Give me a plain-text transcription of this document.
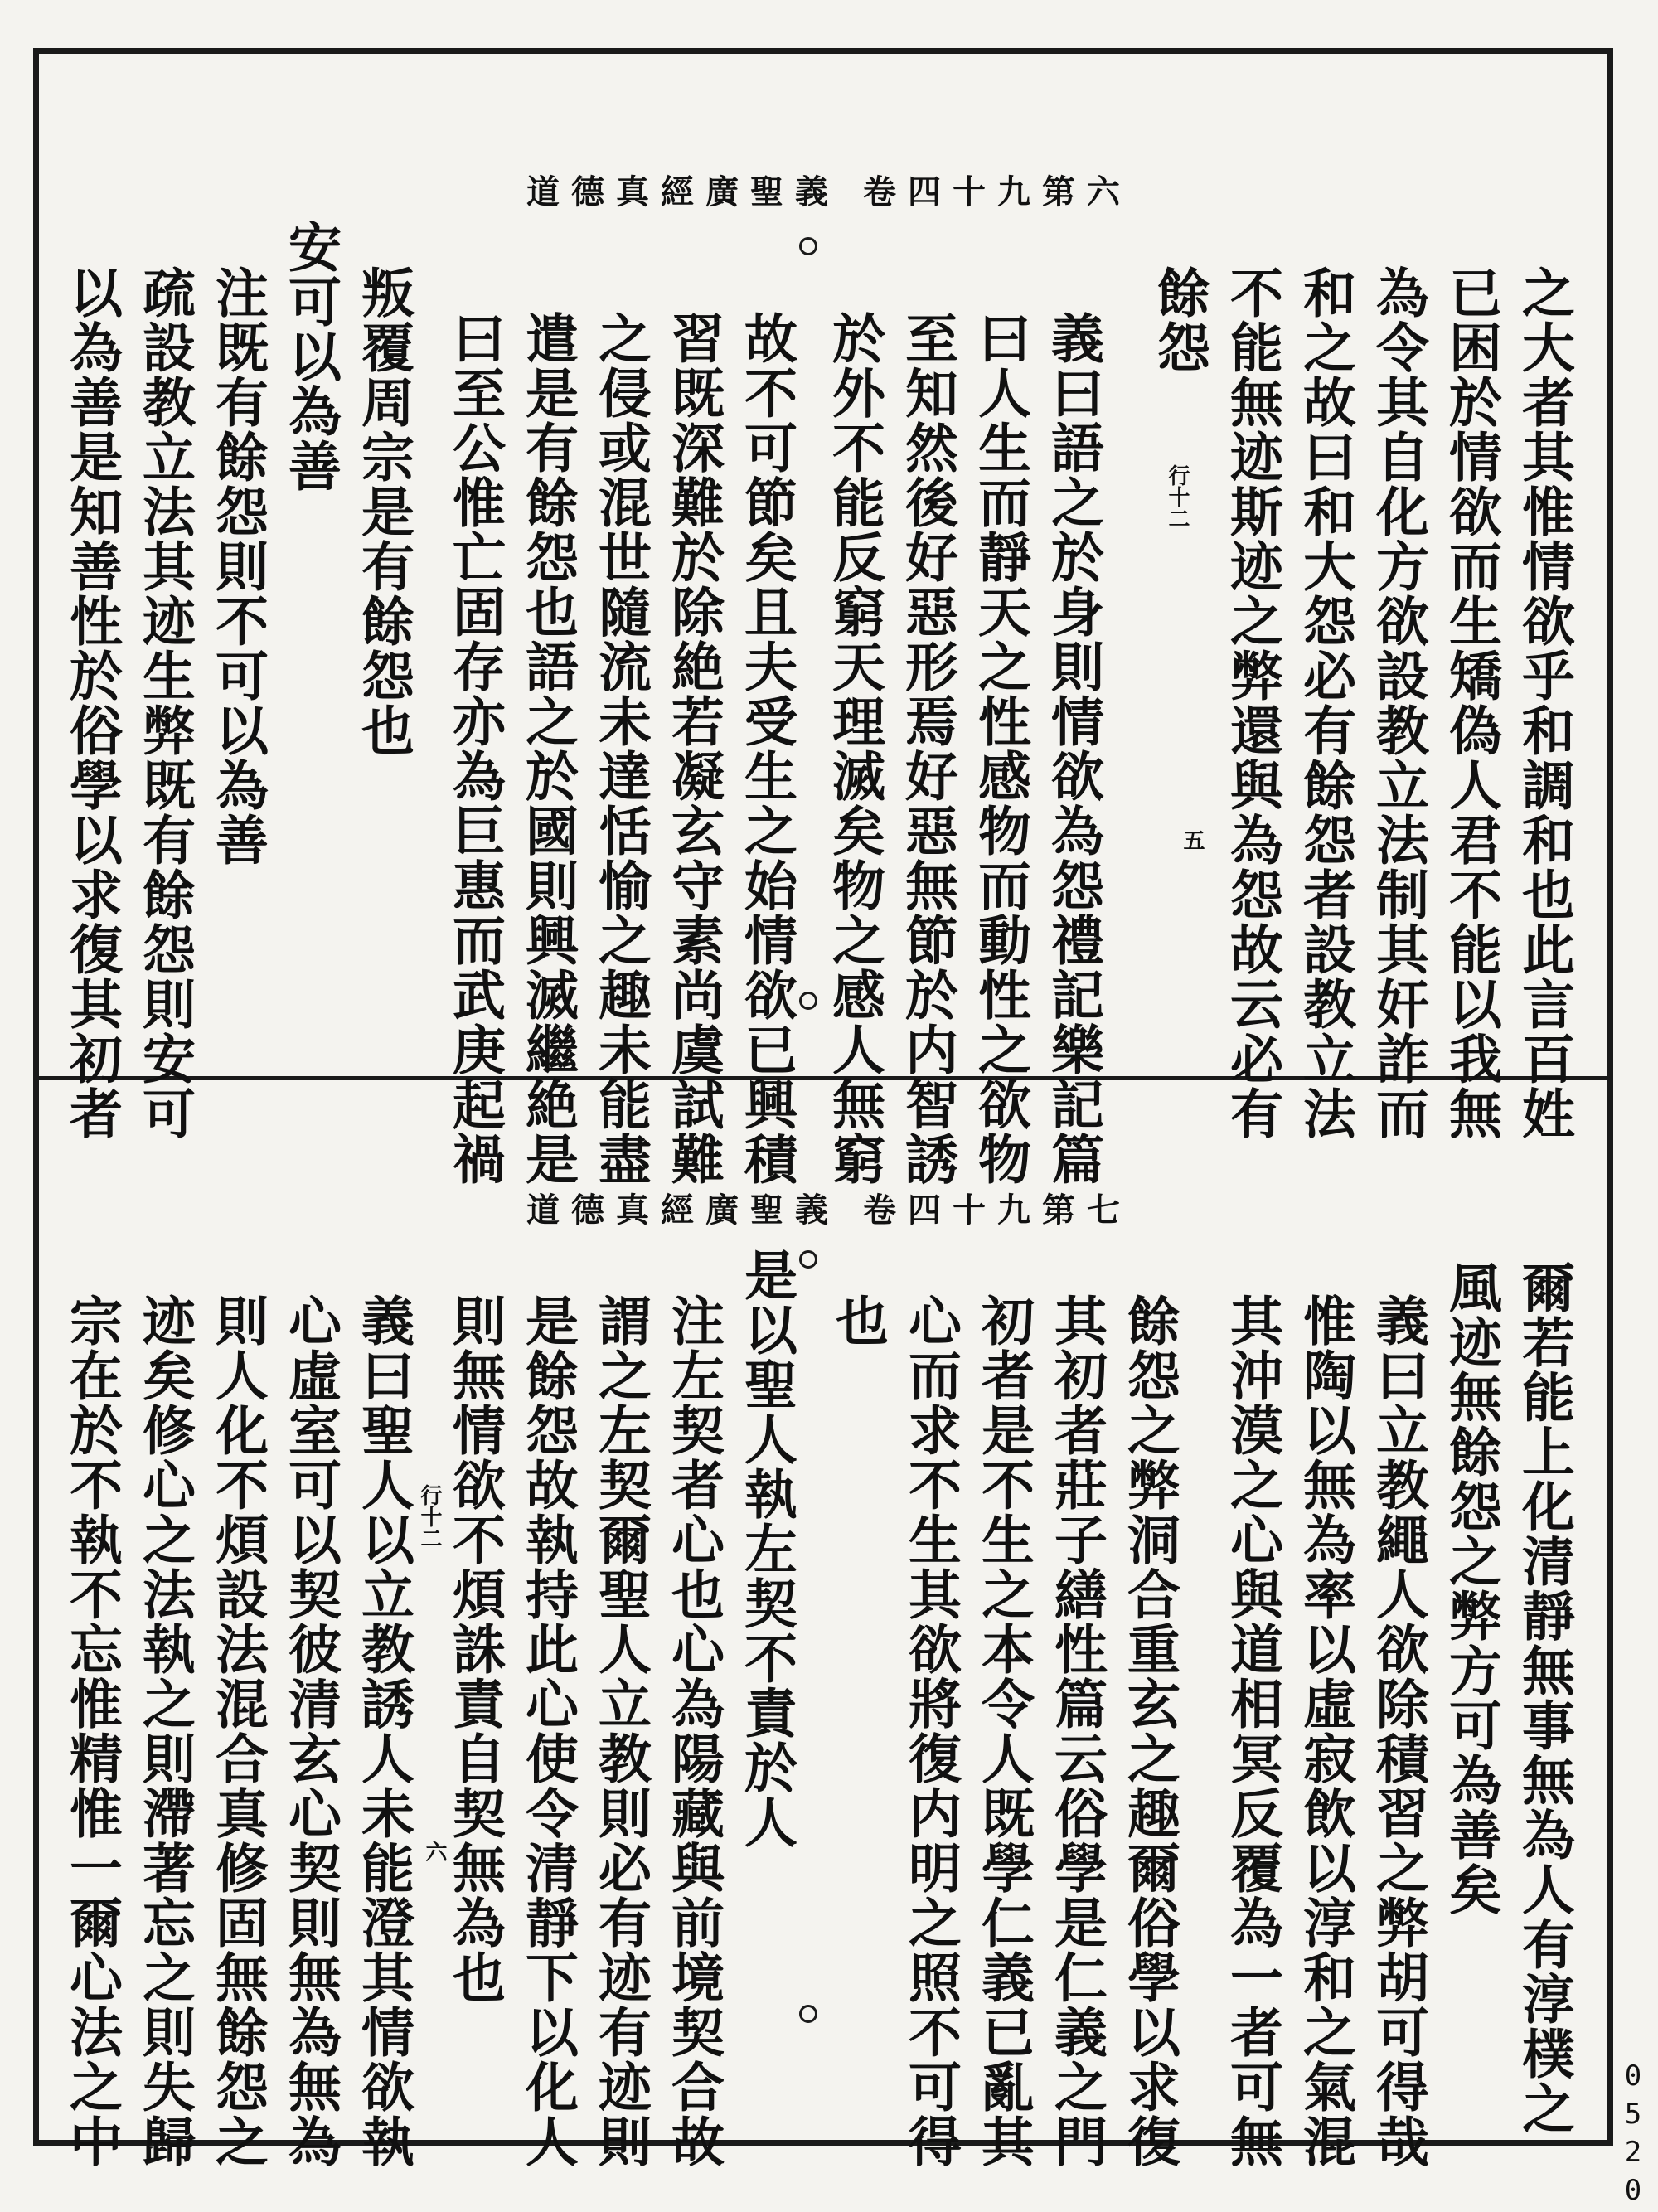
道德真經廣聖義 卷四十九第六
之大者其惟情欲乎和調和也此言百姓
已困於情欲而生矯偽人君不能以我無
為令其自化方欲設教立法制其奸詐而
和之故曰和大怨必有餘怨者設教立法
不能無迹斯迹之弊還與為怨故云必有
餘怨
義曰語之於身則情欲為怨禮記樂記篇
曰人生而靜天之性感物而動性之欲物
至知然後好惡形焉好惡無節於内智誘
於外不能反窮天理滅矣物之感人無窮
故不可節矣且夫受生之始情欲已興積
習既深難於除絶若凝玄守素尚虞試難
之侵或混世隨流未達恬愉之趣未能盡
遣是有餘怨也語之於國則興滅繼絶是
曰至公惟亡固存亦為巨惠而武庚起禍
叛覆周宗是有餘怨也
安可以為善
注既有餘怨則不可以為善
疏設教立法其迹生弊既有餘怨則安可
以為善是知善性於俗學以求復其初者	行十二
五
道德真經廣聖義 卷四十九第七
爾若能上化清靜無事無為人有淳樸之
風迹無餘怨之弊方可為善矣
義曰立教繩人欲除積習之弊胡可得哉
惟陶以無為率以虛寂飲以淳和之氣混
其沖漠之心與道相冥反覆為一者可無
餘怨之弊洞合重玄之趣爾俗學以求復
其初者莊子繕性篇云俗學是仁義之門
初者是不生之本令人既學仁義已亂其
心而求不生其欲將復内明之照不可得
也
是以聖人執左契不責於人
注左契者心也心為陽藏與前境契合故
謂之左契爾聖人立教則必有迹有迹則
是餘怨故執持此心使令清靜下以化人
則無情欲不煩誅責自契無為也
義曰聖人以立教誘人未能澄其情欲執
心虛室可以契彼清玄心契則無為無為
則人化不煩設法混合真修固無餘怨之
迹矣修心之法執之則滯著忘之則失歸
宗在於不執不忘惟精惟一爾心法之中	行十二
六
0520
